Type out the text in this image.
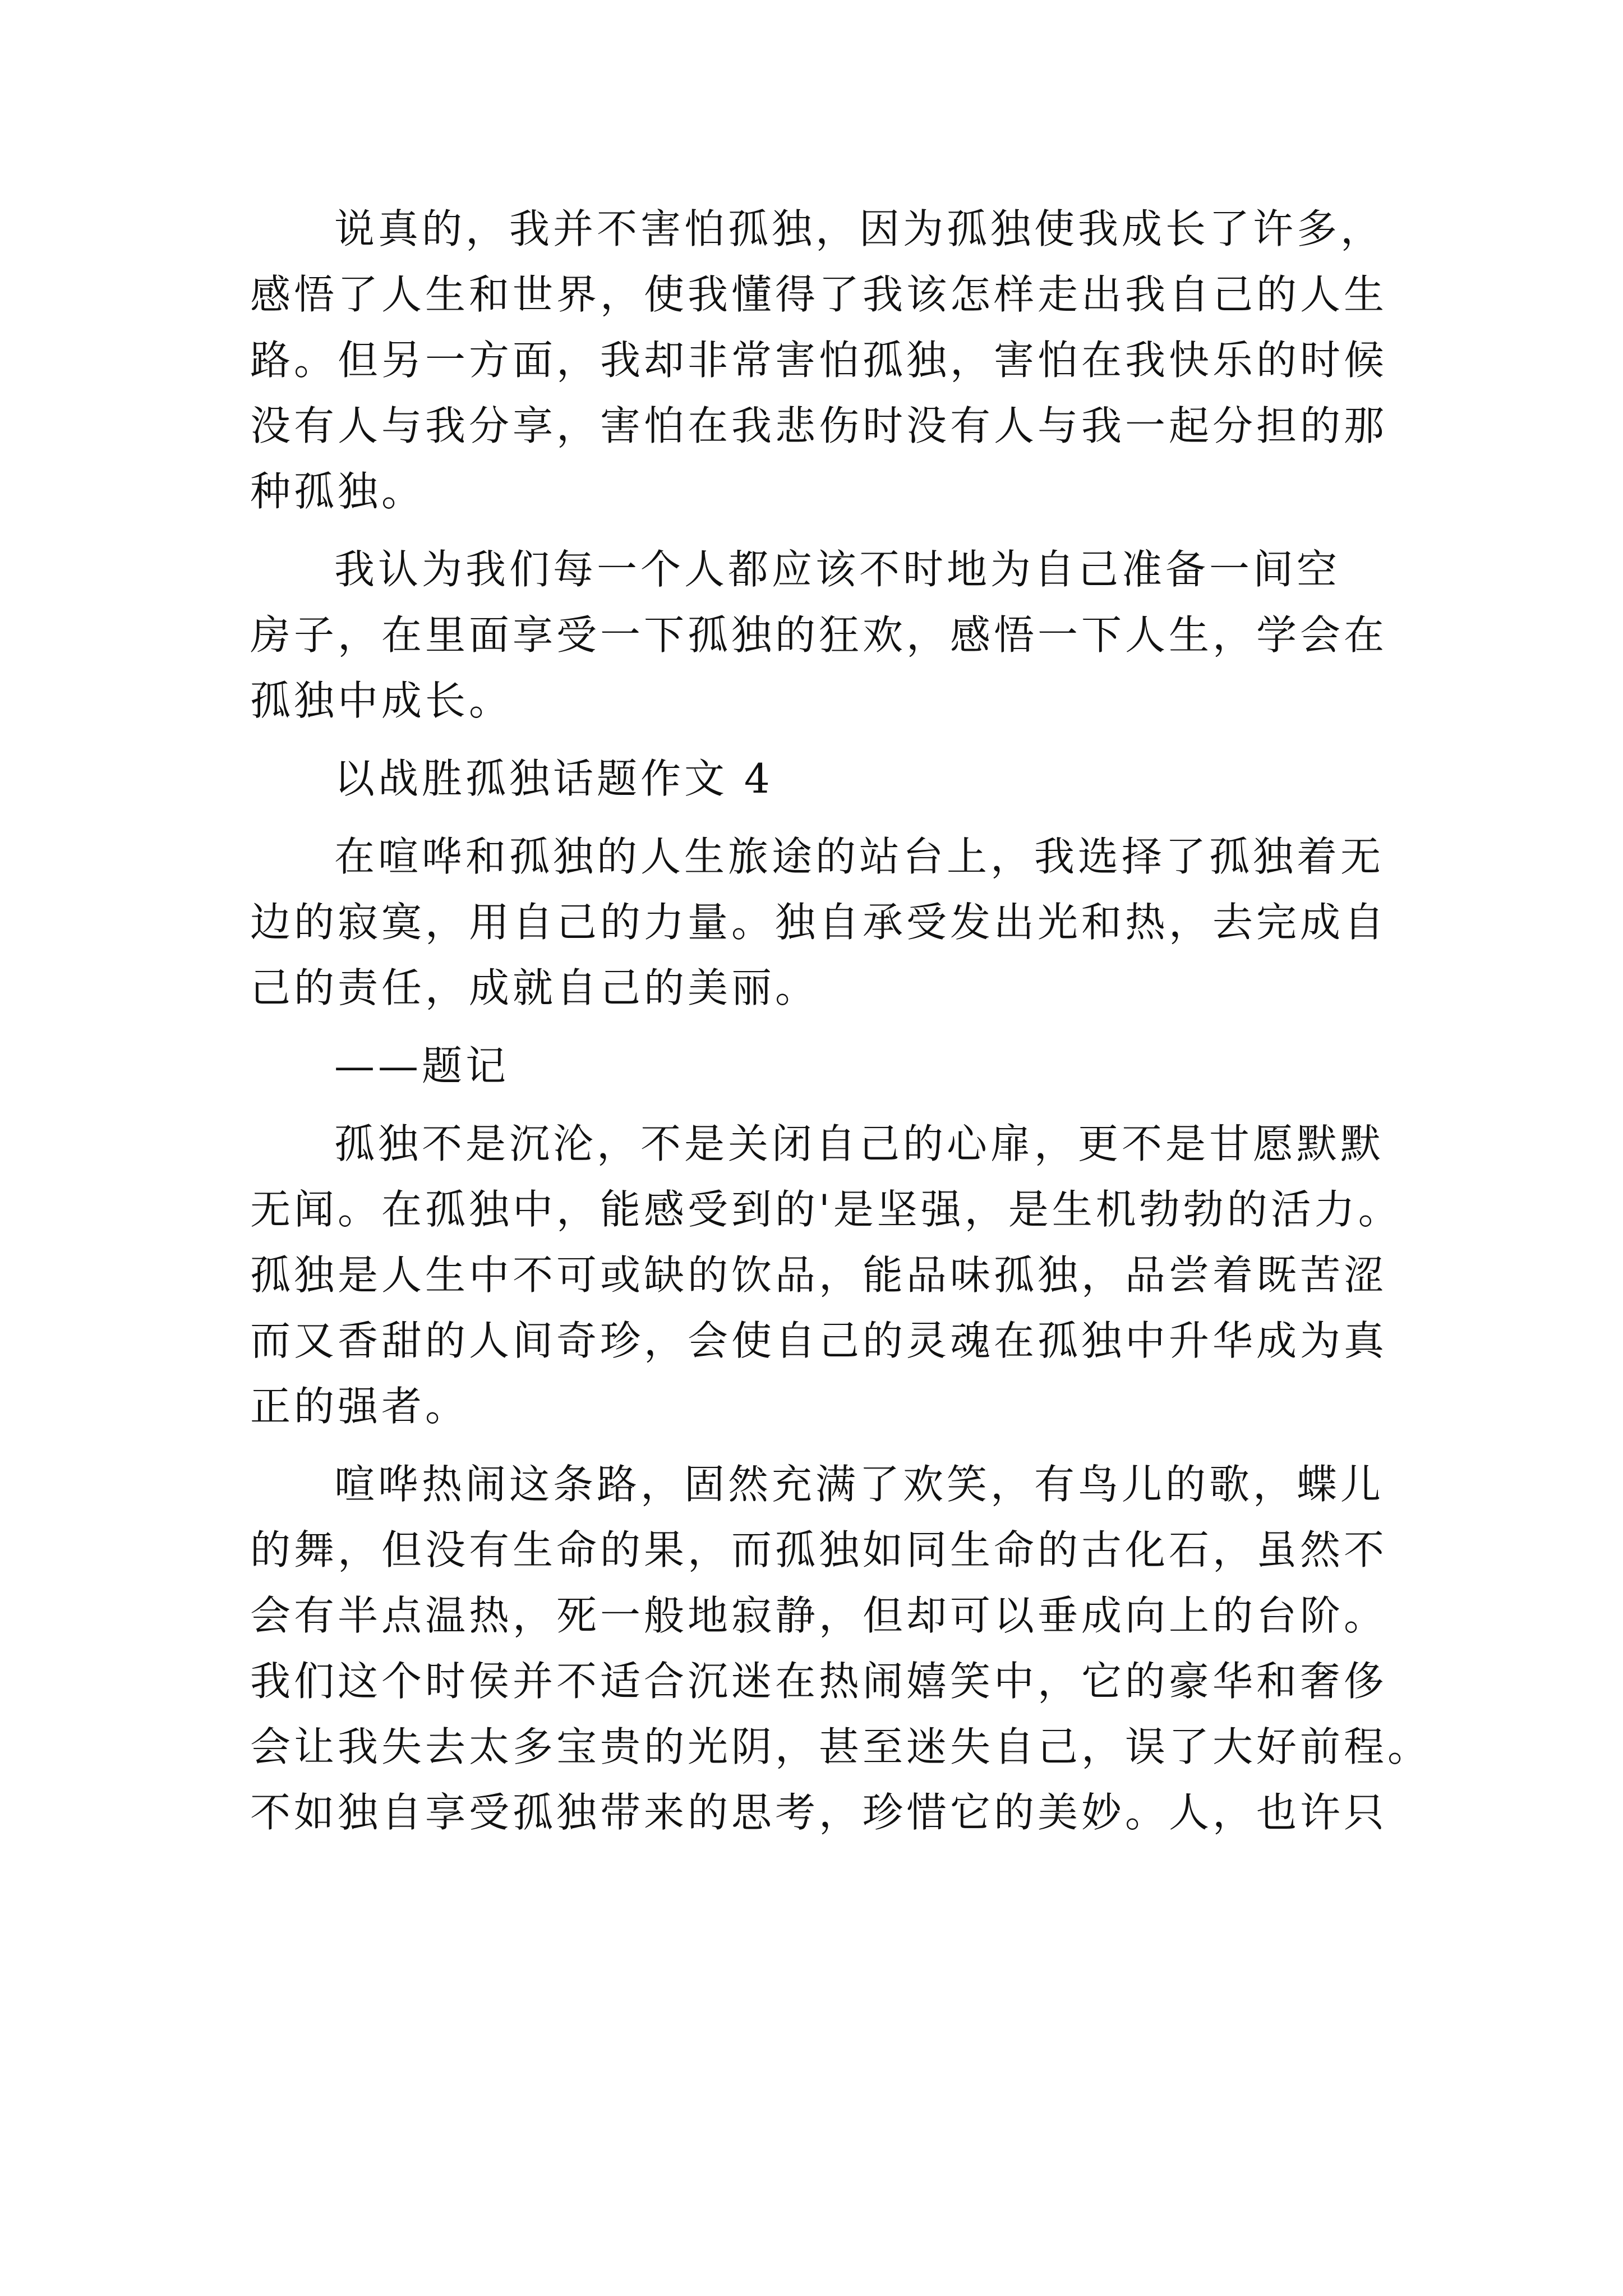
说真的，我并不害怕孤独，因为孤独使我成长了许多，
感悟了人生和世界，使我懂得了我该怎样走出我自己的人生
路。但另一方面，我却非常害怕孤独，害怕在我快乐的时候
没有人与我分享，害怕在我悲伤时没有人与我一起分担的那
种孤独。
我认为我们每一个人都应该不时地为自己准备一间空
房子，在里面享受一下孤独的狂欢，感悟一下人生，学会在
孤独中成长。
以战胜孤独话题作文 4
在喧哗和孤独的人生旅途的站台上，我选择了孤独着无
边的寂寞，用自己的力量。独自承受发出光和热，去完成自
己的责任，成就自己的美丽。
——题记
孤独不是沉沦，不是关闭自己的心扉，更不是甘愿默默
无闻。在孤独中，能感受到的'是坚强，是生机勃勃的活力。
孤独是人生中不可或缺的饮品，能品味孤独，品尝着既苦涩
而又香甜的人间奇珍，会使自己的灵魂在孤独中升华成为真
正的强者。
喧哗热闹这条路，固然充满了欢笑，有鸟儿的歌，蝶儿
的舞，但没有生命的果，而孤独如同生命的古化石，虽然不
会有半点温热，死一般地寂静，但却可以垂成向上的台阶。
我们这个时侯并不适合沉迷在热闹嬉笑中，它的豪华和奢侈
会让我失去太多宝贵的光阴，甚至迷失自己，误了大好前程。
不如独自享受孤独带来的思考，珍惜它的美妙。人，也许只
